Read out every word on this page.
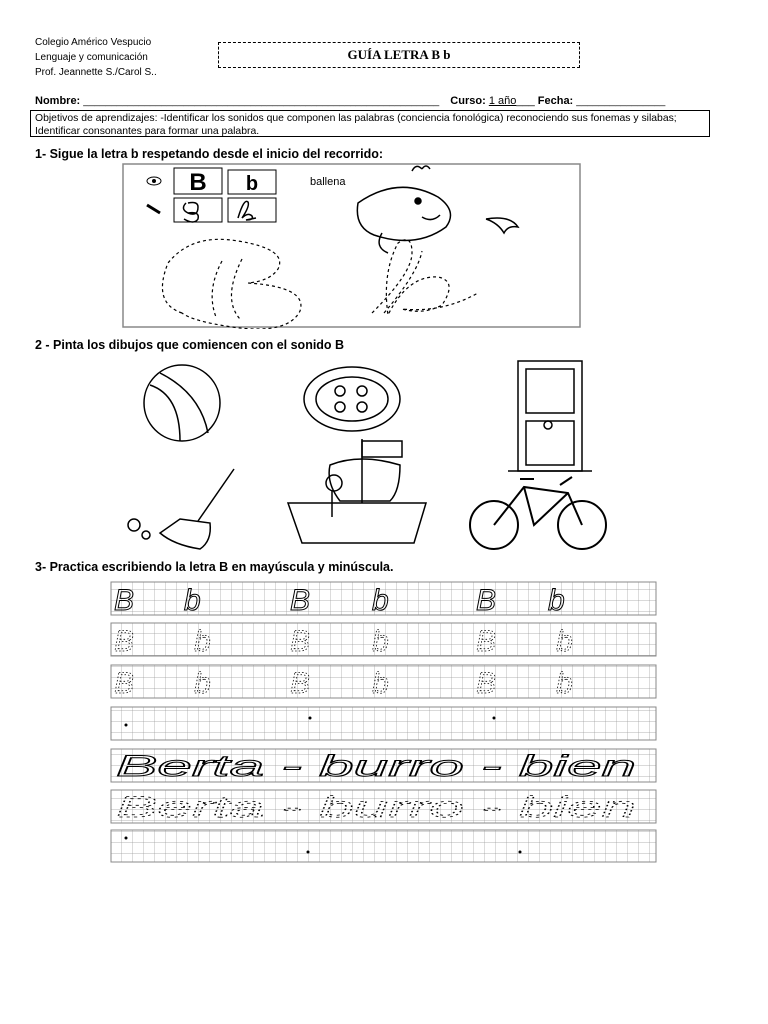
Colegio Américo Vespucio
Lenguaje y comunicación
Prof. Jeannette S./Carol S..
GUÍA LETRA B b
Nombre: ________________________________________________________________ Curso: 1 año___ Fecha: ________________
Objetivos de aprendizajes: -Identificar los sonidos que componen las palabras (conciencia fonológica) reconociendo sus fonemas y silabas; Identificar consonantes para formar una palabra.
1- Sigue la letra b respetando desde el inicio del recorrido:
B b	ballena
2 - Pinta los dibujos que comiencen con el sonido B
3- Practica escribiendo la letra B en mayúscula y minúscula.
B b	B b	B b
B b	B b	B b
B b	B b	B b
Berta - burro - bien
Berta - burro - bien
